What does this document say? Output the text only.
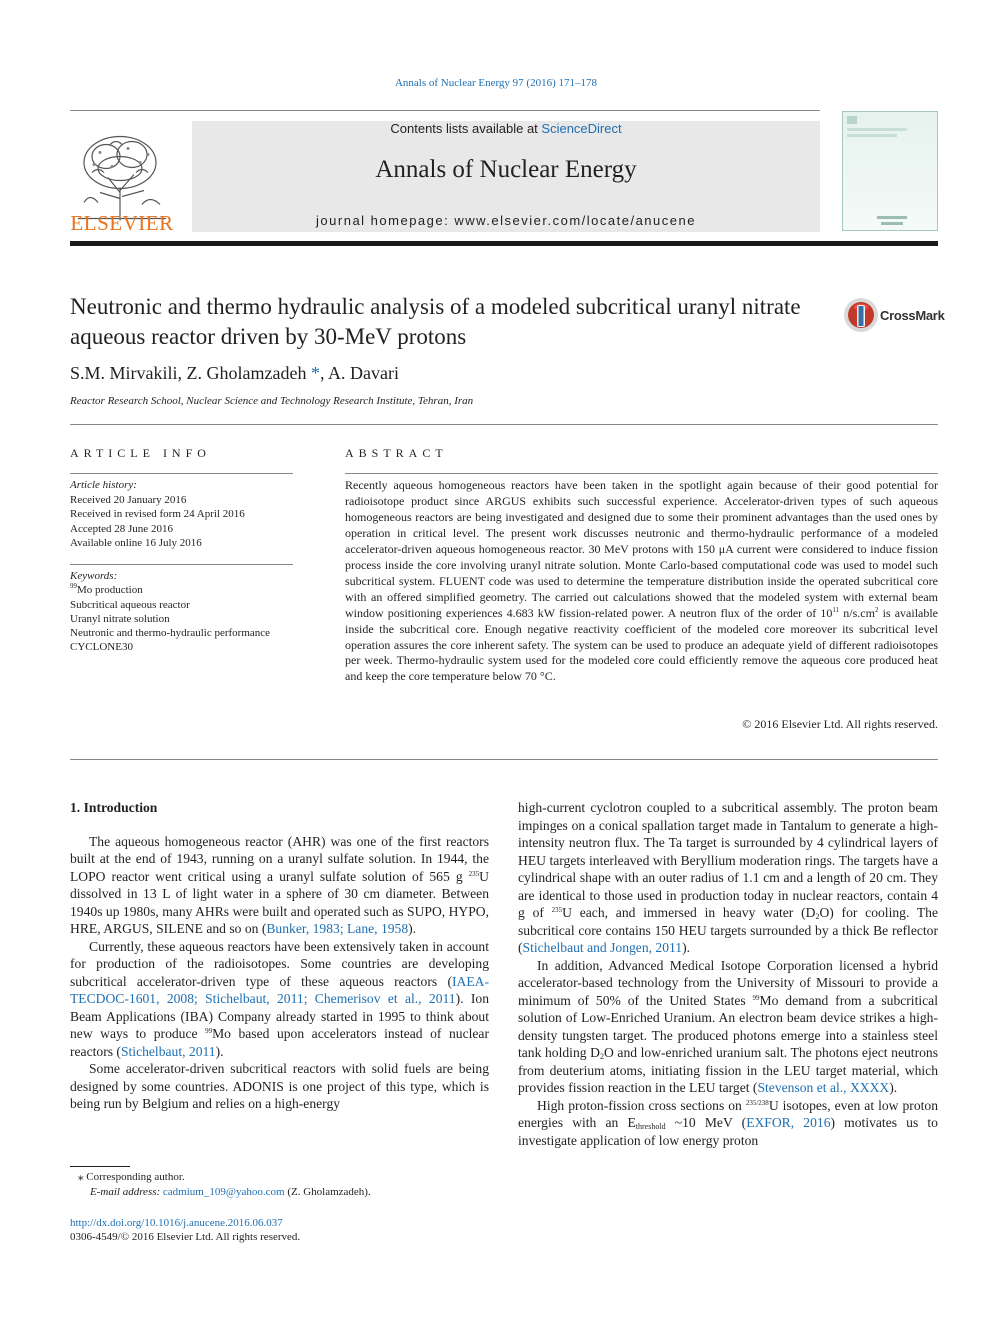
Annals of Nuclear Energy 97 (2016) 171–178
ELSEVIER
Contents lists available at ScienceDirect
Annals of Nuclear Energy
journal homepage: www.elsevier.com/locate/anucene
Neutronic and thermo hydraulic analysis of a modeled subcritical uranyl nitrate aqueous reactor driven by 30-MeV protons
CrossMark
S.M. Mirvakili, Z. Gholamzadeh *, A. Davari
Reactor Research School, Nuclear Science and Technology Research Institute, Tehran, Iran
ARTICLE INFO	ABSTRACT
Article history:
Received 20 January 2016
Received in revised form 24 April 2016
Accepted 28 June 2016
Available online 16 July 2016
Keywords:
$^{99}$Mo production
Subcritical aqueous reactor
Uranyl nitrate solution
Neutronic and thermo-hydraulic performance
CYCLONE30
Recently aqueous homogeneous reactors have been taken in the spotlight again because of their good potential for radioisotope product since ARGUS exhibits such successful experience. Accelerator-driven types of such aqueous homogeneous reactors are being investigated and designed due to some their prominent advantages than the used ones by operation in critical level. The present work discusses neutronic and thermo-hydraulic performance of a modeled accelerator-driven aqueous homogeneous reactor. 30 MeV protons with 150 μA current were considered to induce fission process inside the core involving uranyl nitrate solution. Monte Carlo-based computational code was used to model such subcritical system. FLUENT code was used to determine the temperature distribution inside the operated subcritical core with an offered simplified geometry. The carried out calculations showed that the modeled system with external beam window positioning experiences 4.683 kW fission-related power. A neutron flux of the order of $10^{11}$ $n/s.cm^2$ is available inside the subcritical core. Enough negative reactivity coefficient of the modeled core moreover its subcritical level operation assures the core inherent safety. The system can be used to produce an adequate yield of different radioisotopes per week. Thermo-hydraulic system used for the modeled core could efficiently remove the aqueous core produced heat and keep the core temperature below 70 °C.
© 2016 Elsevier Ltd. All rights reserved.

1. Introduction

The aqueous homogeneous reactor (AHR) was one of the first reactors built at the end of 1943, running on a uranyl sulfate solution. In 1944, the LOPO reactor went critical using a uranyl sulfate solution of 565 g $^{235}$U dissolved in 13 L of light water in a sphere of 30 cm diameter. Between 1940s up 1980s, many AHRs were built and operated such as SUPO, HYPO, HRE, ARGUS, SILENE and so on (Bunker, 1983; Lane, 1958).

Currently, these aqueous reactors have been extensively taken in account for production of the radioisotopes. Some countries are developing subcritical accelerator-driven type of these aqueous reactors (IAEA-TECDOC-1601, 2008; Stichelbaut, 2011; Chemerisov et al., 2011). Ion Beam Applications (IBA) Company already started in 1995 to think about new ways to produce $^{99}$Mo based upon accelerators instead of nuclear reactors (Stichelbaut, 2011).

Some accelerator-driven subcritical reactors with solid fuels are being designed by some countries. ADONIS is one project of this type, which is being run by Belgium and relies on a high-energy

high-current cyclotron coupled to a subcritical assembly. The proton beam impinges on a conical spallation target made in Tantalum to generate a high-intensity neutron flux. The Ta target is surrounded by 4 cylindrical layers of HEU targets interleaved with Beryllium moderation rings. The targets have a cylindrical shape with an outer radius of 1.1 cm and a length of 20 cm. They are identical to those used in production today in nuclear reactors, contain 4 g of $^{235}$U each, and immersed in heavy water $(D_2O)$ for cooling. The subcritical core contains 150 HEU targets surrounded by a thick Be reflector (Stichelbaut and Jongen, 2011).

In addition, Advanced Medical Isotope Corporation licensed a hybrid accelerator-based technology from the University of Missouri to provide a minimum of 50% of the United States $^{99}$Mo demand from a subcritical solution of Low-Enriched Uranium. An electron beam device strikes a high-density tungsten target. The produced photons emerge into a stainless steel tank holding $D_2O$ and low-enriched uranium salt. The photons eject neutrons from deuterium atoms, initiating fission in the LEU target material, which provides fission reaction in the LEU target (Stevenson et al., XXXX).

High proton-fission cross sections on $^{235/238}$U isotopes, even at low proton energies with an $E_{threshold}$ ~10 MeV (EXFOR, 2016) motivates us to investigate application of low energy proton

⁎ Corresponding author.
E-mail address: cadmium_109@yahoo.com (Z. Gholamzadeh).
http://dx.doi.org/10.1016/j.anucene.2016.06.037
0306-4549/© 2016 Elsevier Ltd. All rights reserved.
